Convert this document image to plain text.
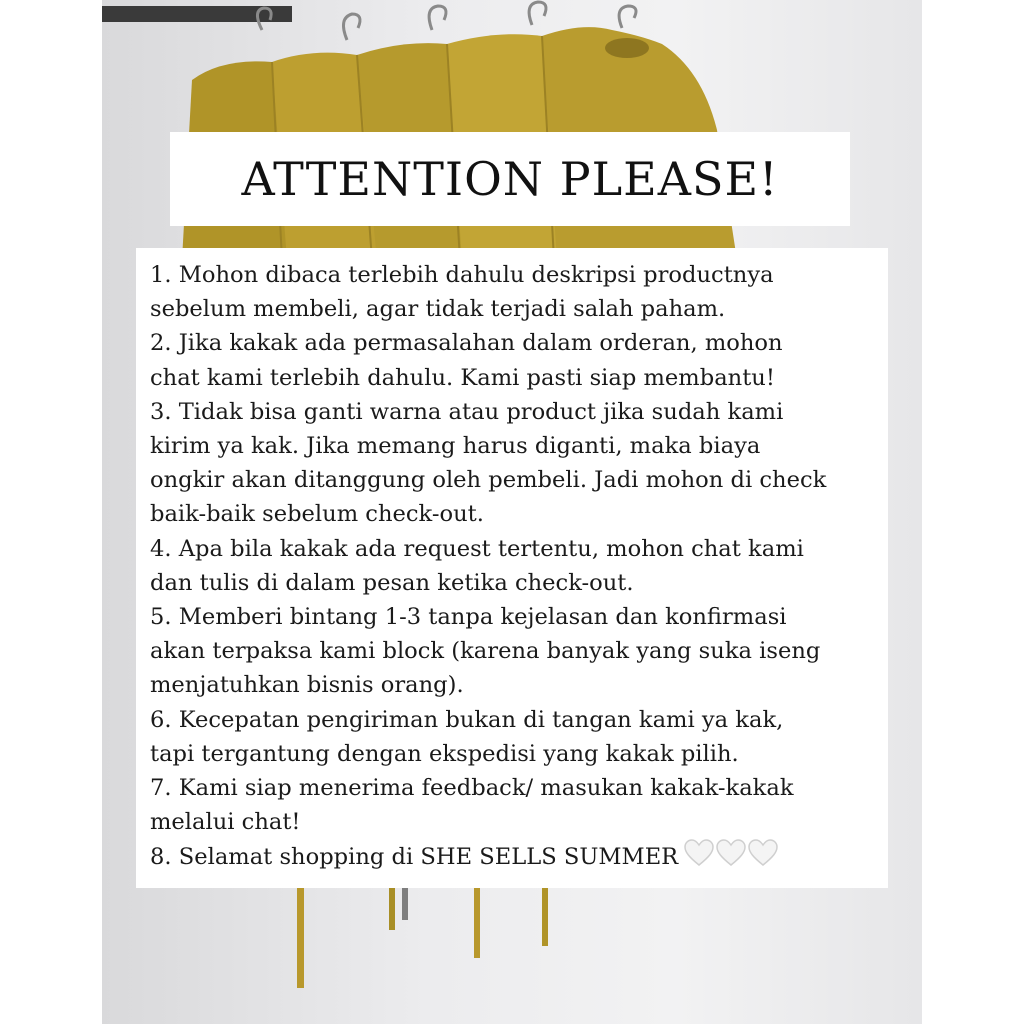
ATTENTION PLEASE!
1. Mohon dibaca terlebih dahulu deskripsi productnya
sebelum membeli, agar tidak terjadi salah paham.
2. Jika kakak ada permasalahan dalam orderan, mohon
chat kami terlebih dahulu. Kami pasti siap membantu!
3. Tidak bisa ganti warna atau product jika sudah kami
kirim ya kak. Jika memang harus diganti, maka biaya
ongkir akan ditanggung oleh pembeli. Jadi mohon di check
baik-baik sebelum check-out.
4. Apa bila kakak ada request tertentu, mohon chat kami
dan tulis di dalam pesan ketika check-out.
5. Memberi bintang 1-3 tanpa kejelasan dan konfirmasi
akan terpaksa kami block (karena banyak yang suka iseng
menjatuhkan bisnis orang).
6. Kecepatan pengiriman bukan di tangan kami ya kak,
tapi tergantung dengan ekspedisi yang kakak pilih.
7. Kami siap menerima feedback/ masukan kakak-kakak
melalui chat!
8. Selamat shopping di SHE SELLS SUMMER
